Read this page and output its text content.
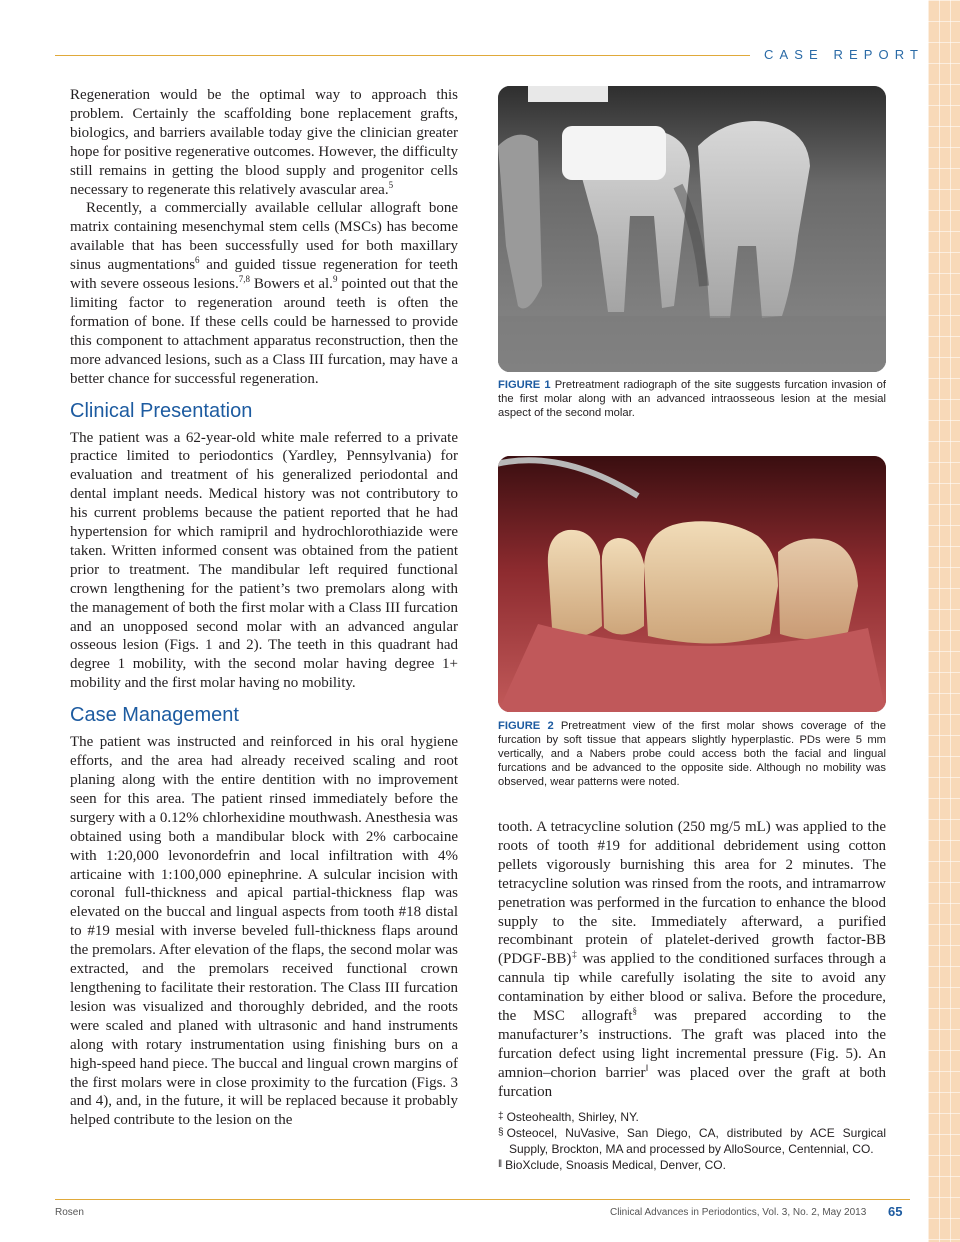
CASE REPORT

Regeneration would be the optimal way to approach this problem. Certainly the scaffolding bone replacement grafts, biologics, and barriers available today give the clinician greater hope for positive regenerative outcomes. However, the difficulty still remains in getting the blood supply and progenitor cells necessary to regenerate this relatively avascular area.$^5$

Recently, a commercially available cellular allograft bone matrix containing mesenchymal stem cells (MSCs) has become available that has been successfully used for both maxillary sinus augmentations$^6$ and guided tissue regeneration for teeth with severe osseous lesions.$^{7,8}$ Bowers et al.$^9$ pointed out that the limiting factor to regeneration around teeth is often the formation of bone. If these cells could be harnessed to provide this component to attachment apparatus reconstruction, then the more advanced lesions, such as a Class III furcation, may have a better chance for successful regeneration.

Clinical Presentation

The patient was a 62-year-old white male referred to a private practice limited to periodontics (Yardley, Pennsylvania) for evaluation and treatment of his generalized periodontal and dental implant needs. Medical history was not contributory to his current problems because the patient reported that he had hypertension for which ramipril and hydrochlorothiazide were taken. Written informed consent was obtained from the patient prior to treatment. The mandibular left required functional crown lengthening for the patient’s two premolars along with the management of both the first molar with a Class III furcation and an unopposed second molar with an advanced angular osseous lesion (Figs. 1 and 2). The teeth in this quadrant had degree 1 mobility, with the second molar having degree 1+ mobility and the first molar having no mobility.

Case Management

The patient was instructed and reinforced in his oral hygiene efforts, and the area had already received scaling and root planing along with the entire dentition with no improvement seen for this area. The patient rinsed immediately before the surgery with a 0.12% chlorhexidine mouthwash. Anesthesia was obtained using both a mandibular block with 2% carbocaine with 1:20,000 levonordefrin and local infiltration with 4% articaine with 1:100,000 epinephrine. A sulcular incision with coronal full-thickness and apical partial-thickness flap was elevated on the buccal and lingual aspects from tooth #18 distal to #19 mesial with inverse beveled full-thickness flaps around the premolars. After elevation of the flaps, the second molar was extracted, and the premolars received functional crown lengthening to facilitate their restoration. The Class III furcation lesion was visualized and thoroughly debrided, and the roots were scaled and planed with ultrasonic and hand instruments along with rotary instrumentation using finishing burs on a high-speed hand piece. The buccal and lingual crown margins of the first molars were in close proximity to the furcation (Figs. 3 and 4), and, in the future, it will be replaced because it probably helped contribute to the lesion on the

FIGURE 1 Pretreatment radiograph of the site suggests furcation invasion of the first molar along with an advanced intraosseous lesion at the mesial aspect of the second molar.
FIGURE 2 Pretreatment view of the first molar shows coverage of the furcation by soft tissue that appears slightly hyperplastic. PDs were 5 mm vertically, and a Nabers probe could access both the facial and lingual furcations and be advanced to the opposite side. Although no mobility was observed, wear patterns were noted.

tooth. A tetracycline solution (250 mg/5 mL) was applied to the roots of tooth #19 for additional debridement using cotton pellets vigorously burnishing this area for 2 minutes. The tetracycline solution was rinsed from the roots, and intramarrow penetration was performed in the furcation to enhance the blood supply to the site. Immediately afterward, a purified recombinant protein of platelet-derived growth factor-BB (PDGF-BB)‡ was applied to the conditioned surfaces through a cannula tip while carefully isolating the site to avoid any contamination by either blood or saliva. Before the procedure, the MSC allograft§ was prepared according to the manufacturer’s instructions. The graft was placed into the furcation defect using light incremental pressure (Fig. 5). An amnion–chorion barrier‖ was placed over the graft at both furcation

‡ Osteohealth, Shirley, NY.
§ Osteocel, NuVasive, San Diego, CA, distributed by ACE Surgical Supply, Brockton, MA and processed by AlloSource, Centennial, CO.
‖ BioXclude, Snoasis Medical, Denver, CO.
Rosen	Clinical Advances in Periodontics, Vol. 3, No. 2, May 2013 65
